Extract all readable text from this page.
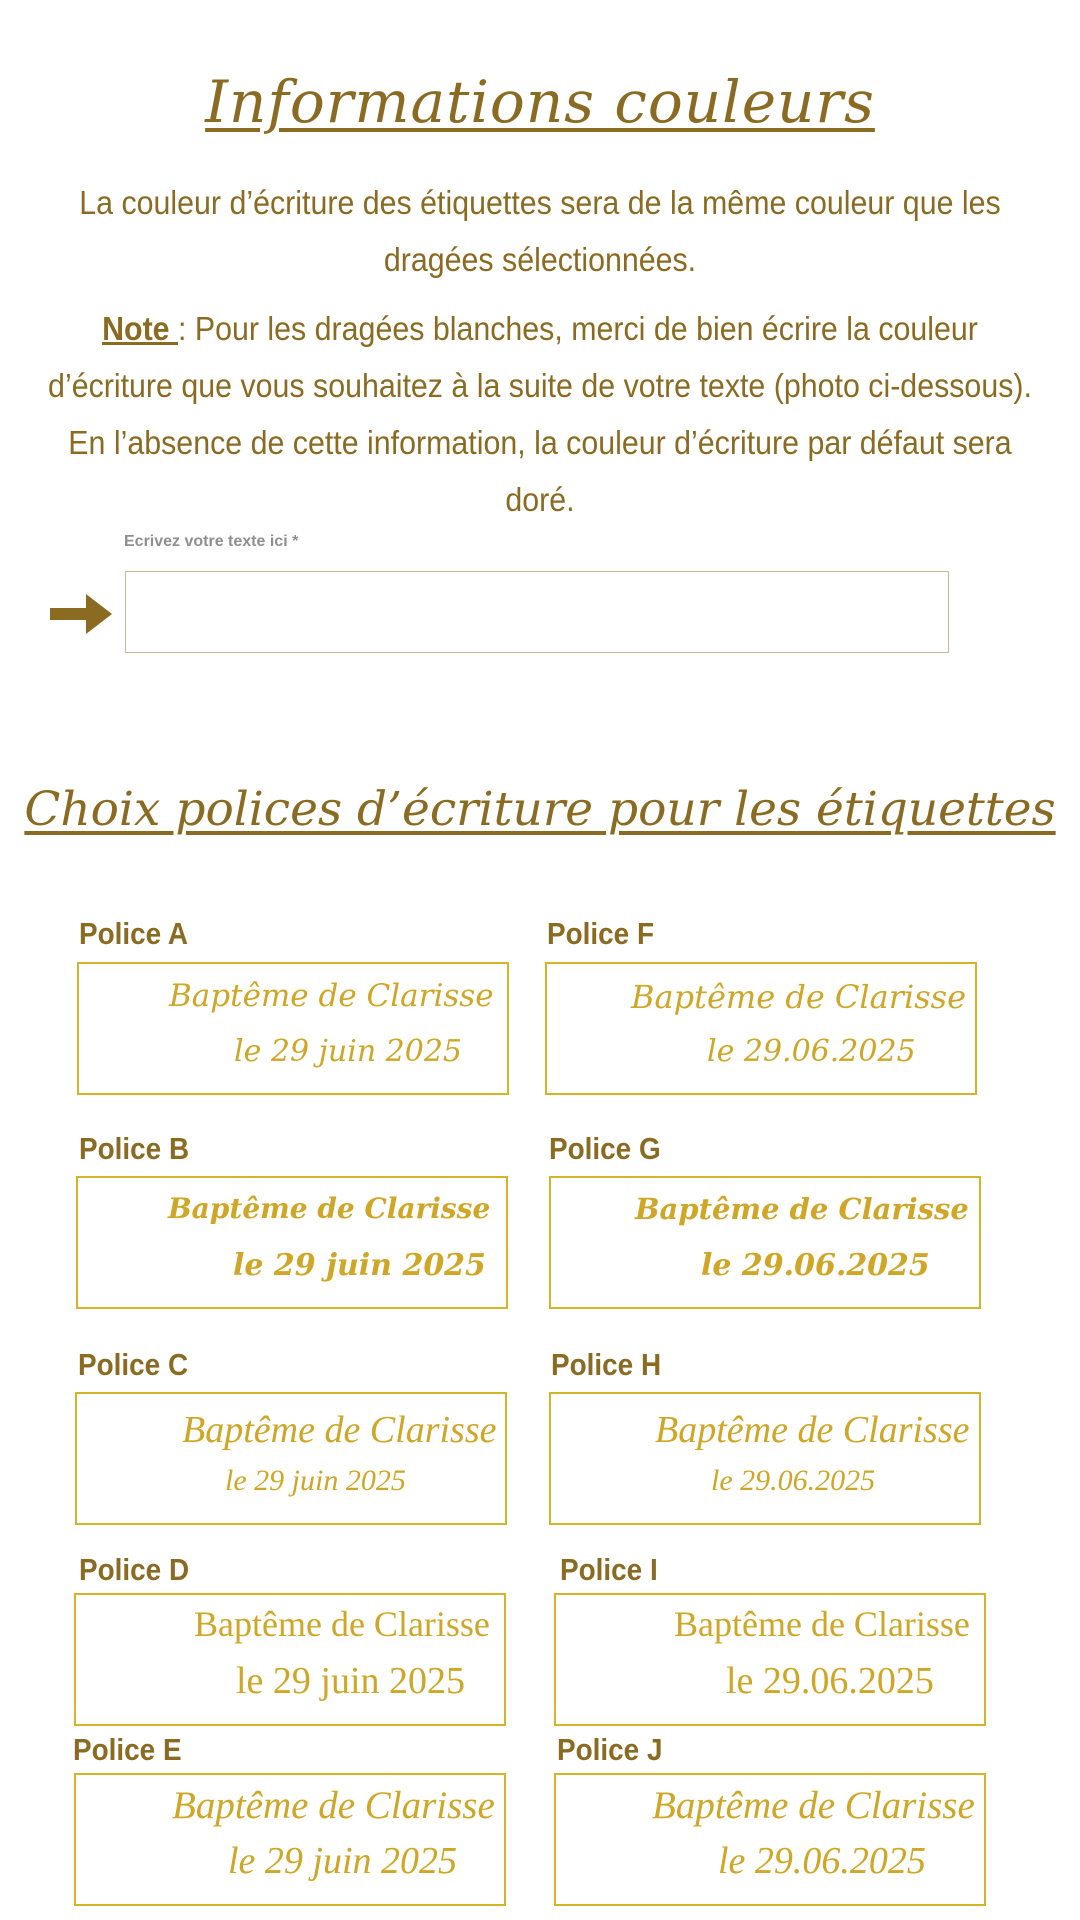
Informations couleurs

La couleur d’écriture des étiquettes sera de la même couleur que les dragées sélectionnées.

Note : Pour les dragées blanches, merci de bien écrire la couleur d’écriture que vous souhaitez à la suite de votre texte (photo ci-dessous). En l’absence de cette information, la couleur d’écriture par défaut sera doré.

Ecrivez votre texte ici *
Choix polices d’écriture pour les étiquettes
Police A
Baptême de Clarisse
le 29 juin 2025
Police F
Baptême de Clarisse
le 29.06.2025
Police B
Baptême de Clarisse
le 29 juin 2025
Police G
Baptême de Clarisse
le 29.06.2025
Police C
Baptême de Clarisse
le 29 juin 2025
Police H
Baptême de Clarisse
le 29.06.2025
Police D
Baptême de Clarisse
le 29 juin 2025
Police I
Baptême de Clarisse
le 29.06.2025
Police E
Baptême de Clarisse
le 29 juin 2025
Police J
Baptême de Clarisse
le 29.06.2025
